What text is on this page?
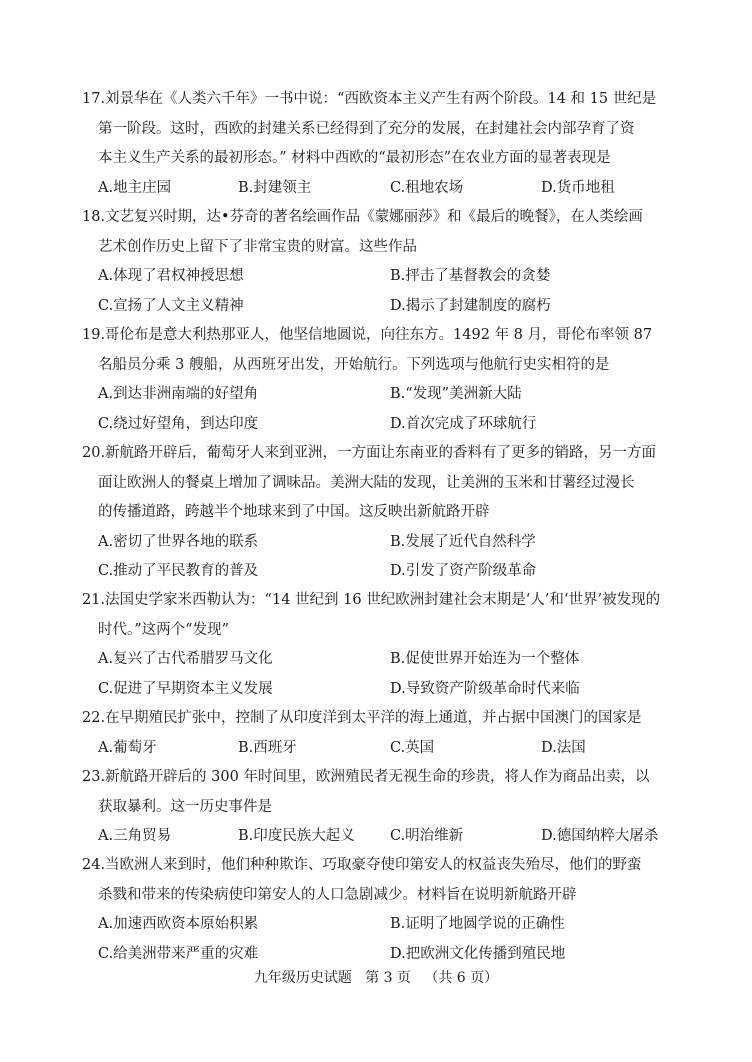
17.刘景华在《人类六千年》一书中说：“西欧资本主义产生有两个阶段。14 和 15 世纪是
第一阶段。这时，西欧的封建关系已经得到了充分的发展，在封建社会内部孕育了资
本主义生产关系的最初形态。” 材料中西欧的“最初形态”在农业方面的显著表现是
A.地主庄园	B.封建领主	C.租地农场	D.货币地租
18.文艺复兴时期，达•芬奇的著名绘画作品《蒙娜丽莎》和《最后的晚餐》，在人类绘画
艺术创作历史上留下了非常宝贵的财富。这些作品
A.体现了君权神授思想	B.抨击了基督教会的贪婪
C.宣扬了人文主义精神	D.揭示了封建制度的腐朽
19.哥伦布是意大利热那亚人，他坚信地圆说，向往东方。1492 年 8 月，哥伦布率领 87
名船员分乘 3 艘船，从西班牙出发，开始航行。下列选项与他航行史实相符的是
A.到达非洲南端的好望角	B.“发现”美洲新大陆
C.绕过好望角，到达印度	D.首次完成了环球航行
20.新航路开辟后，葡萄牙人来到亚洲，一方面让东南亚的香料有了更多的销路，另一方面
面让欧洲人的餐桌上增加了调味品。美洲大陆的发现，让美洲的玉米和甘薯经过漫长
的传播道路，跨越半个地球来到了中国。这反映出新航路开辟
A.密切了世界各地的联系	B.发展了近代自然科学
C.推动了平民教育的普及	D.引发了资产阶级革命
21.法国史学家米西勒认为：“14 世纪到 16 世纪欧洲封建社会末期是‘人’和‘世界’被发现的
时代。”这两个“发现”
A.复兴了古代希腊罗马文化	B.促使世界开始连为一个整体
C.促进了早期资本主义发展	D.导致资产阶级革命时代来临
22.在早期殖民扩张中，控制了从印度洋到太平洋的海上通道，并占据中国澳门的国家是
A.葡萄牙	B.西班牙	C.英国	D.法国
23.新航路开辟后的 300 年时间里，欧洲殖民者无视生命的珍贵，将人作为商品出卖，以
获取暴利。这一历史事件是
A.三角贸易	B.印度民族大起义	C.明治维新	D.德国纳粹大屠杀
24.当欧洲人来到时，他们种种欺诈、巧取豪夺使印第安人的权益丧失殆尽，他们的野蛮
杀戮和带来的传染病使印第安人的人口急剧减少。材料旨在说明新航路开辟
A.加速西欧资本原始积累	B.证明了地圆学说的正确性
C.给美洲带来严重的灾难	D.把欧洲文化传播到殖民地
九年级历史试题   第 3 页   （共 6 页）
